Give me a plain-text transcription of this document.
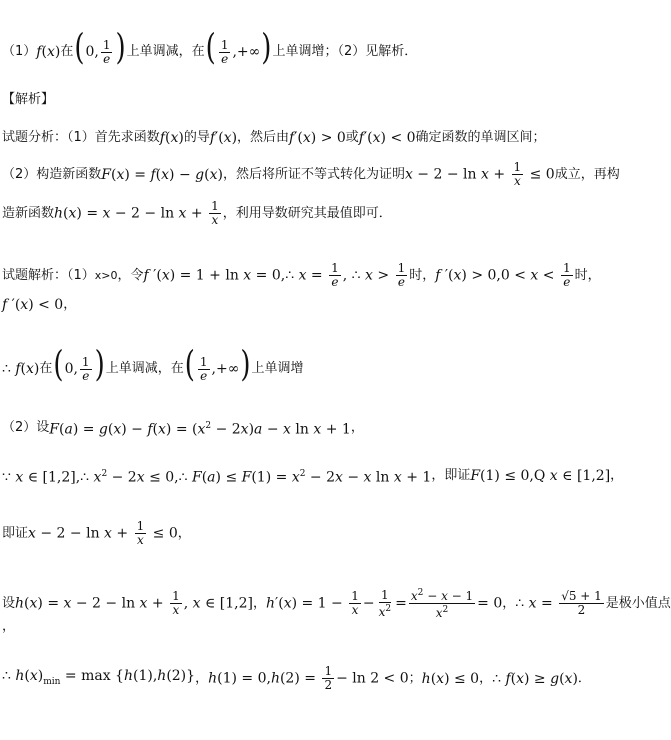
（1） f(x) 在 (0, $\frac{1}{e}$ ) 上单调减，在 ( $\frac{1}{e}$ ,+∞) 上单调增；（2）见解析．
【解析】
试题分析：（1）首先求函数 f(x) 的导 f′(x) ，然后由 f′(x) > 0 或 f′(x) < 0 确定函数的单调区间；
（2）构造新函数 F(x) = f(x) − g(x) ，然后将所证不等式转化为证明 $x - 2 - \ln x + \frac{1}{x} \le 0$ 成立，再构
造新函数 $h(x) = x - 2 - \ln x + \frac{1}{x}$ ，利用导数研究其最值即可．
试题解析：（1） x>0 ，令 f ′(x) = 1 + ln x = 0,∴ $x = \frac{1}{e}$ , ∴ $x > \frac{1}{e}$ 时， f $'(x) > 0,0 < x < \frac{1}{e}$ 时，
f ′(x) < 0 ，
∴ f(x) 在 (0, $\frac{1}{e}$ ) 上单调减，在 ( $\frac{1}{e}$ ,+∞) 上单调增
（2）设 $F(a) = g(x) - f(x) = (x^2 - 2x)a - x$ ln x + 1 ，
∵ x ∈ [1,2],∴ $x^2 - 2x$ ≤ 0,∴ $F(a) \le F(1) = x^2 - 2x - x$ ln x + 1 ，即证 F(1) ≤ 0,Q x ∈ [1,2] ，
即证 $x - 2 - \ln x + \frac{1}{x} \le 0$ ，
设 $h(x) = x - 2 - \ln x + \frac{1}{x}$ , x ∈ [1,2] ， $h'(x) = 1 - \frac{1}{x} - \frac{1}{x^2} = \frac{x^2 - x - 1}{x^2} = 0$ ， ∴ $x = \frac{√5 + 1}{2}$ 是极小值点
，
∴ $h(x)_{min} = \max \{h(1),h(2)\}$ ， $h(1) = 0,h(2) = \frac{1}{2} - \ln 2 < 0$ ； h(x) ≤ 0 ， ∴ f(x) ≥ g(x) ．
